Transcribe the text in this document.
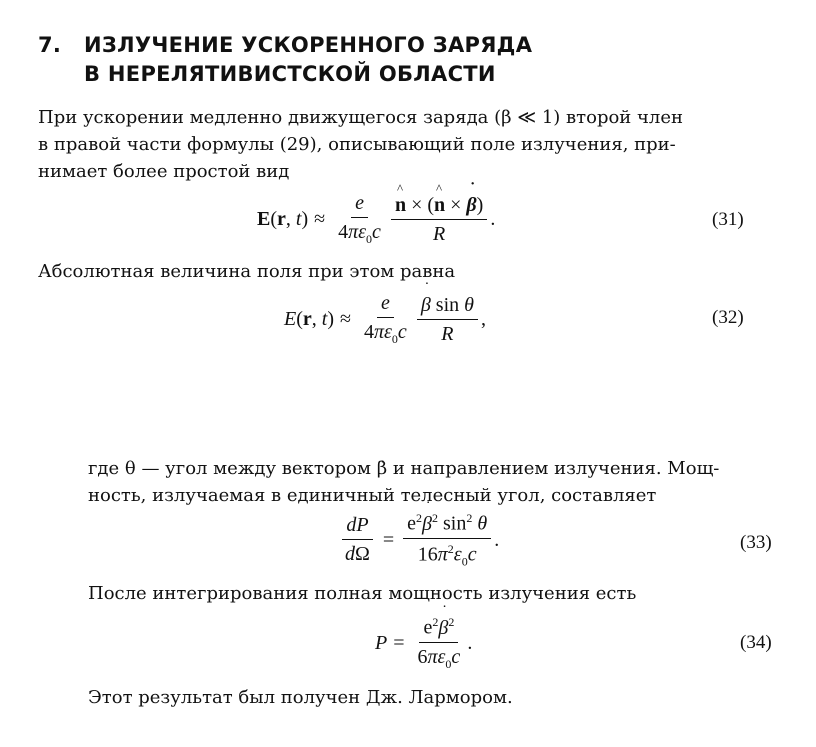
7. ИЗЛУЧЕНИЕ УСКОРЕННОГО ЗАРЯДА
В НЕРЕЛЯТИВИСТСКОЙ ОБЛАСТИ
При ускорении медленно движущегося заряда (β ≪ 1) второй член
в правой части формулы (29), описывающий поле излучения, при-
нимает более простой вид
E(r, $t) \approx \frac{e}{4\pi\varepsilon_0c}$ ^ $\frac{n \times (\^{} n \times ˙ \beta)}{R}$ .	(31)
Абсолютная величина поля при этом равна
E(r, $t) \approx \frac{e}{4\pi\varepsilon_0c}$ ˙ $\frac{\text{β sin θ}}{R}$ ,	(32)
где θ — угол между вектором β̇ и направлением излучения. Мощ-
ность, излучаемая в единичный телесный угол, составляет
$\frac{dP}{d\Omega} = \frac{e^2˙ \beta^2 \sin^2 \theta}{16\pi^2\varepsilon_0c}$ .	(33)
После интегрирования полная мощность излучения есть
$P = \frac{e^2˙ \beta^2}{6\pi\varepsilon_0c}$ .	(34)
Этот результат был получен Дж. Лармором.
